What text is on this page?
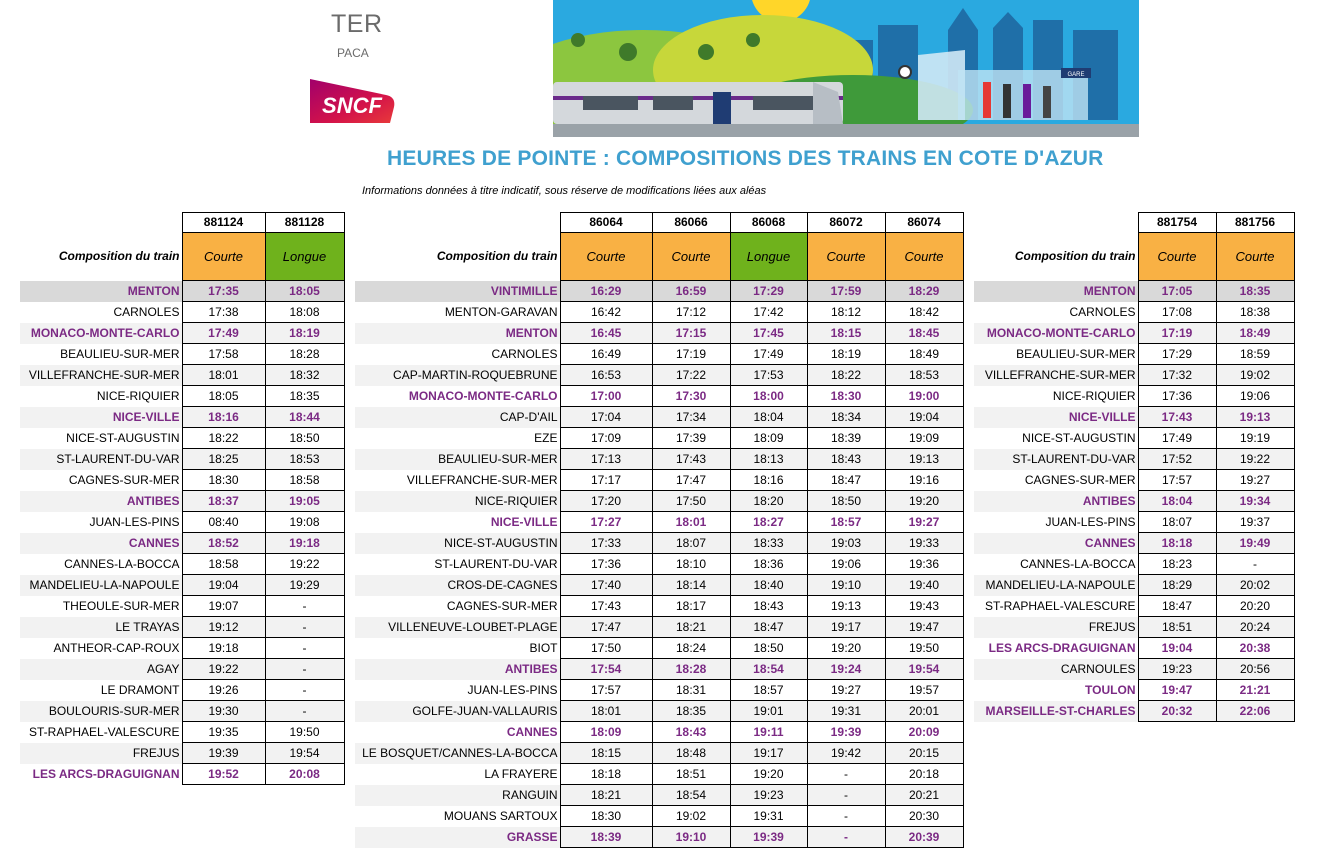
TER
PACA
SNCF
GARE
HEURES DE POINTE : COMPOSITIONS DES TRAINS EN COTE D'AZUR
Informations données à titre indicatif, sous réserve de modifications liées aux aléas
	881124	881128
Composition du train	Courte	Longue
MENTON	17:35	18:05
CARNOLES	17:38	18:08
MONACO-MONTE-CARLO	17:49	18:19
BEAULIEU-SUR-MER	17:58	18:28
VILLEFRANCHE-SUR-MER	18:01	18:32
NICE-RIQUIER	18:05	18:35
NICE-VILLE	18:16	18:44
NICE-ST-AUGUSTIN	18:22	18:50
ST-LAURENT-DU-VAR	18:25	18:53
CAGNES-SUR-MER	18:30	18:58
ANTIBES	18:37	19:05
JUAN-LES-PINS	08:40	19:08
CANNES	18:52	19:18
CANNES-LA-BOCCA	18:58	19:22
MANDELIEU-LA-NAPOULE	19:04	19:29
THEOULE-SUR-MER	19:07	-
LE TRAYAS	19:12	-
ANTHEOR-CAP-ROUX	19:18	-
AGAY	19:22	-
LE DRAMONT	19:26	-
BOULOURIS-SUR-MER	19:30	-
ST-RAPHAEL-VALESCURE	19:35	19:50
FREJUS	19:39	19:54
LES ARCS-DRAGUIGNAN	19:52	20:08
	86064	86066	86068	86072	86074
Composition du train	Courte	Courte	Longue	Courte	Courte
VINTIMILLE	16:29	16:59	17:29	17:59	18:29
MENTON-GARAVAN	16:42	17:12	17:42	18:12	18:42
MENTON	16:45	17:15	17:45	18:15	18:45
CARNOLES	16:49	17:19	17:49	18:19	18:49
CAP-MARTIN-ROQUEBRUNE	16:53	17:22	17:53	18:22	18:53
MONACO-MONTE-CARLO	17:00	17:30	18:00	18:30	19:00
CAP-D'AIL	17:04	17:34	18:04	18:34	19:04
EZE	17:09	17:39	18:09	18:39	19:09
BEAULIEU-SUR-MER	17:13	17:43	18:13	18:43	19:13
VILLEFRANCHE-SUR-MER	17:17	17:47	18:16	18:47	19:16
NICE-RIQUIER	17:20	17:50	18:20	18:50	19:20
NICE-VILLE	17:27	18:01	18:27	18:57	19:27
NICE-ST-AUGUSTIN	17:33	18:07	18:33	19:03	19:33
ST-LAURENT-DU-VAR	17:36	18:10	18:36	19:06	19:36
CROS-DE-CAGNES	17:40	18:14	18:40	19:10	19:40
CAGNES-SUR-MER	17:43	18:17	18:43	19:13	19:43
VILLENEUVE-LOUBET-PLAGE	17:47	18:21	18:47	19:17	19:47
BIOT	17:50	18:24	18:50	19:20	19:50
ANTIBES	17:54	18:28	18:54	19:24	19:54
JUAN-LES-PINS	17:57	18:31	18:57	19:27	19:57
GOLFE-JUAN-VALLAURIS	18:01	18:35	19:01	19:31	20:01
CANNES	18:09	18:43	19:11	19:39	20:09
LE BOSQUET/CANNES-LA-BOCCA	18:15	18:48	19:17	19:42	20:15
LA FRAYERE	18:18	18:51	19:20	-	20:18
RANGUIN	18:21	18:54	19:23	-	20:21
MOUANS SARTOUX	18:30	19:02	19:31	-	20:30
GRASSE	18:39	19:10	19:39	-	20:39
	881754	881756
Composition du train	Courte	Courte
MENTON	17:05	18:35
CARNOLES	17:08	18:38
MONACO-MONTE-CARLO	17:19	18:49
BEAULIEU-SUR-MER	17:29	18:59
VILLEFRANCHE-SUR-MER	17:32	19:02
NICE-RIQUIER	17:36	19:06
NICE-VILLE	17:43	19:13
NICE-ST-AUGUSTIN	17:49	19:19
ST-LAURENT-DU-VAR	17:52	19:22
CAGNES-SUR-MER	17:57	19:27
ANTIBES	18:04	19:34
JUAN-LES-PINS	18:07	19:37
CANNES	18:18	19:49
CANNES-LA-BOCCA	18:23	-
MANDELIEU-LA-NAPOULE	18:29	20:02
ST-RAPHAEL-VALESCURE	18:47	20:20
FREJUS	18:51	20:24
LES ARCS-DRAGUIGNAN	19:04	20:38
CARNOULES	19:23	20:56
TOULON	19:47	21:21
MARSEILLE-ST-CHARLES	20:32	22:06
